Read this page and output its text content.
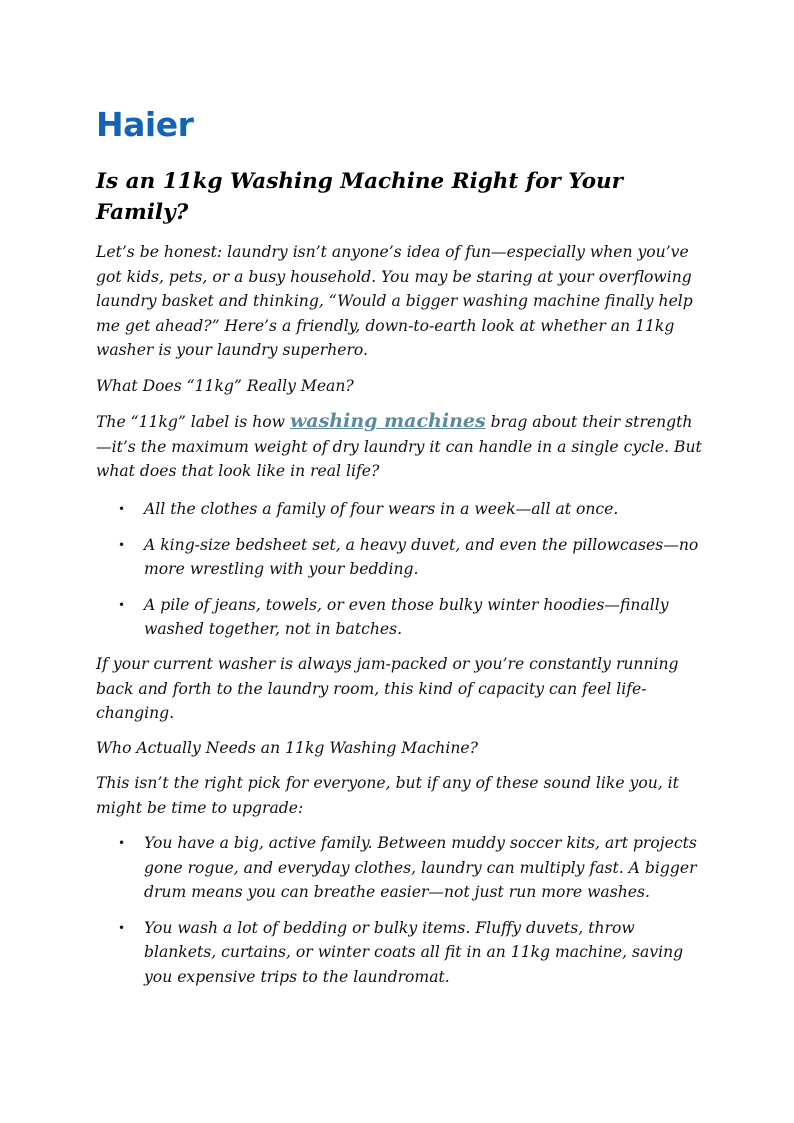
Haier
Is an 11kg Washing Machine Right for Your Family?

Let’s be honest: laundry isn’t anyone’s idea of fun—especially when you’ve got kids, pets, or a busy household. You may be staring at your overflowing laundry basket and thinking, “Would a bigger washing machine finally help me get ahead?” Here’s a friendly, down-to-earth look at whether an 11kg washer is your laundry superhero.

What Does “11kg” Really Mean?

The “11kg” label is how washing machines brag about their strength—it’s the maximum weight of dry laundry it can handle in a single cycle. But what does that look like in real life?

• All the clothes a family of four wears in a week—all at once.
• A king-size bedsheet set, a heavy duvet, and even the pillowcases—no more wrestling with your bedding.
• A pile of jeans, towels, or even those bulky winter hoodies—finally washed together, not in batches.

If your current washer is always jam-packed or you’re constantly running back and forth to the laundry room, this kind of capacity can feel life-changing.

Who Actually Needs an 11kg Washing Machine?

This isn’t the right pick for everyone, but if any of these sound like you, it might be time to upgrade:

• You have a big, active family. Between muddy soccer kits, art projects gone rogue, and everyday clothes, laundry can multiply fast. A bigger drum means you can breathe easier—not just run more washes.
• You wash a lot of bedding or bulky items. Fluffy duvets, throw blankets, curtains, or winter coats all fit in an 11kg machine, saving you expensive trips to the laundromat.
